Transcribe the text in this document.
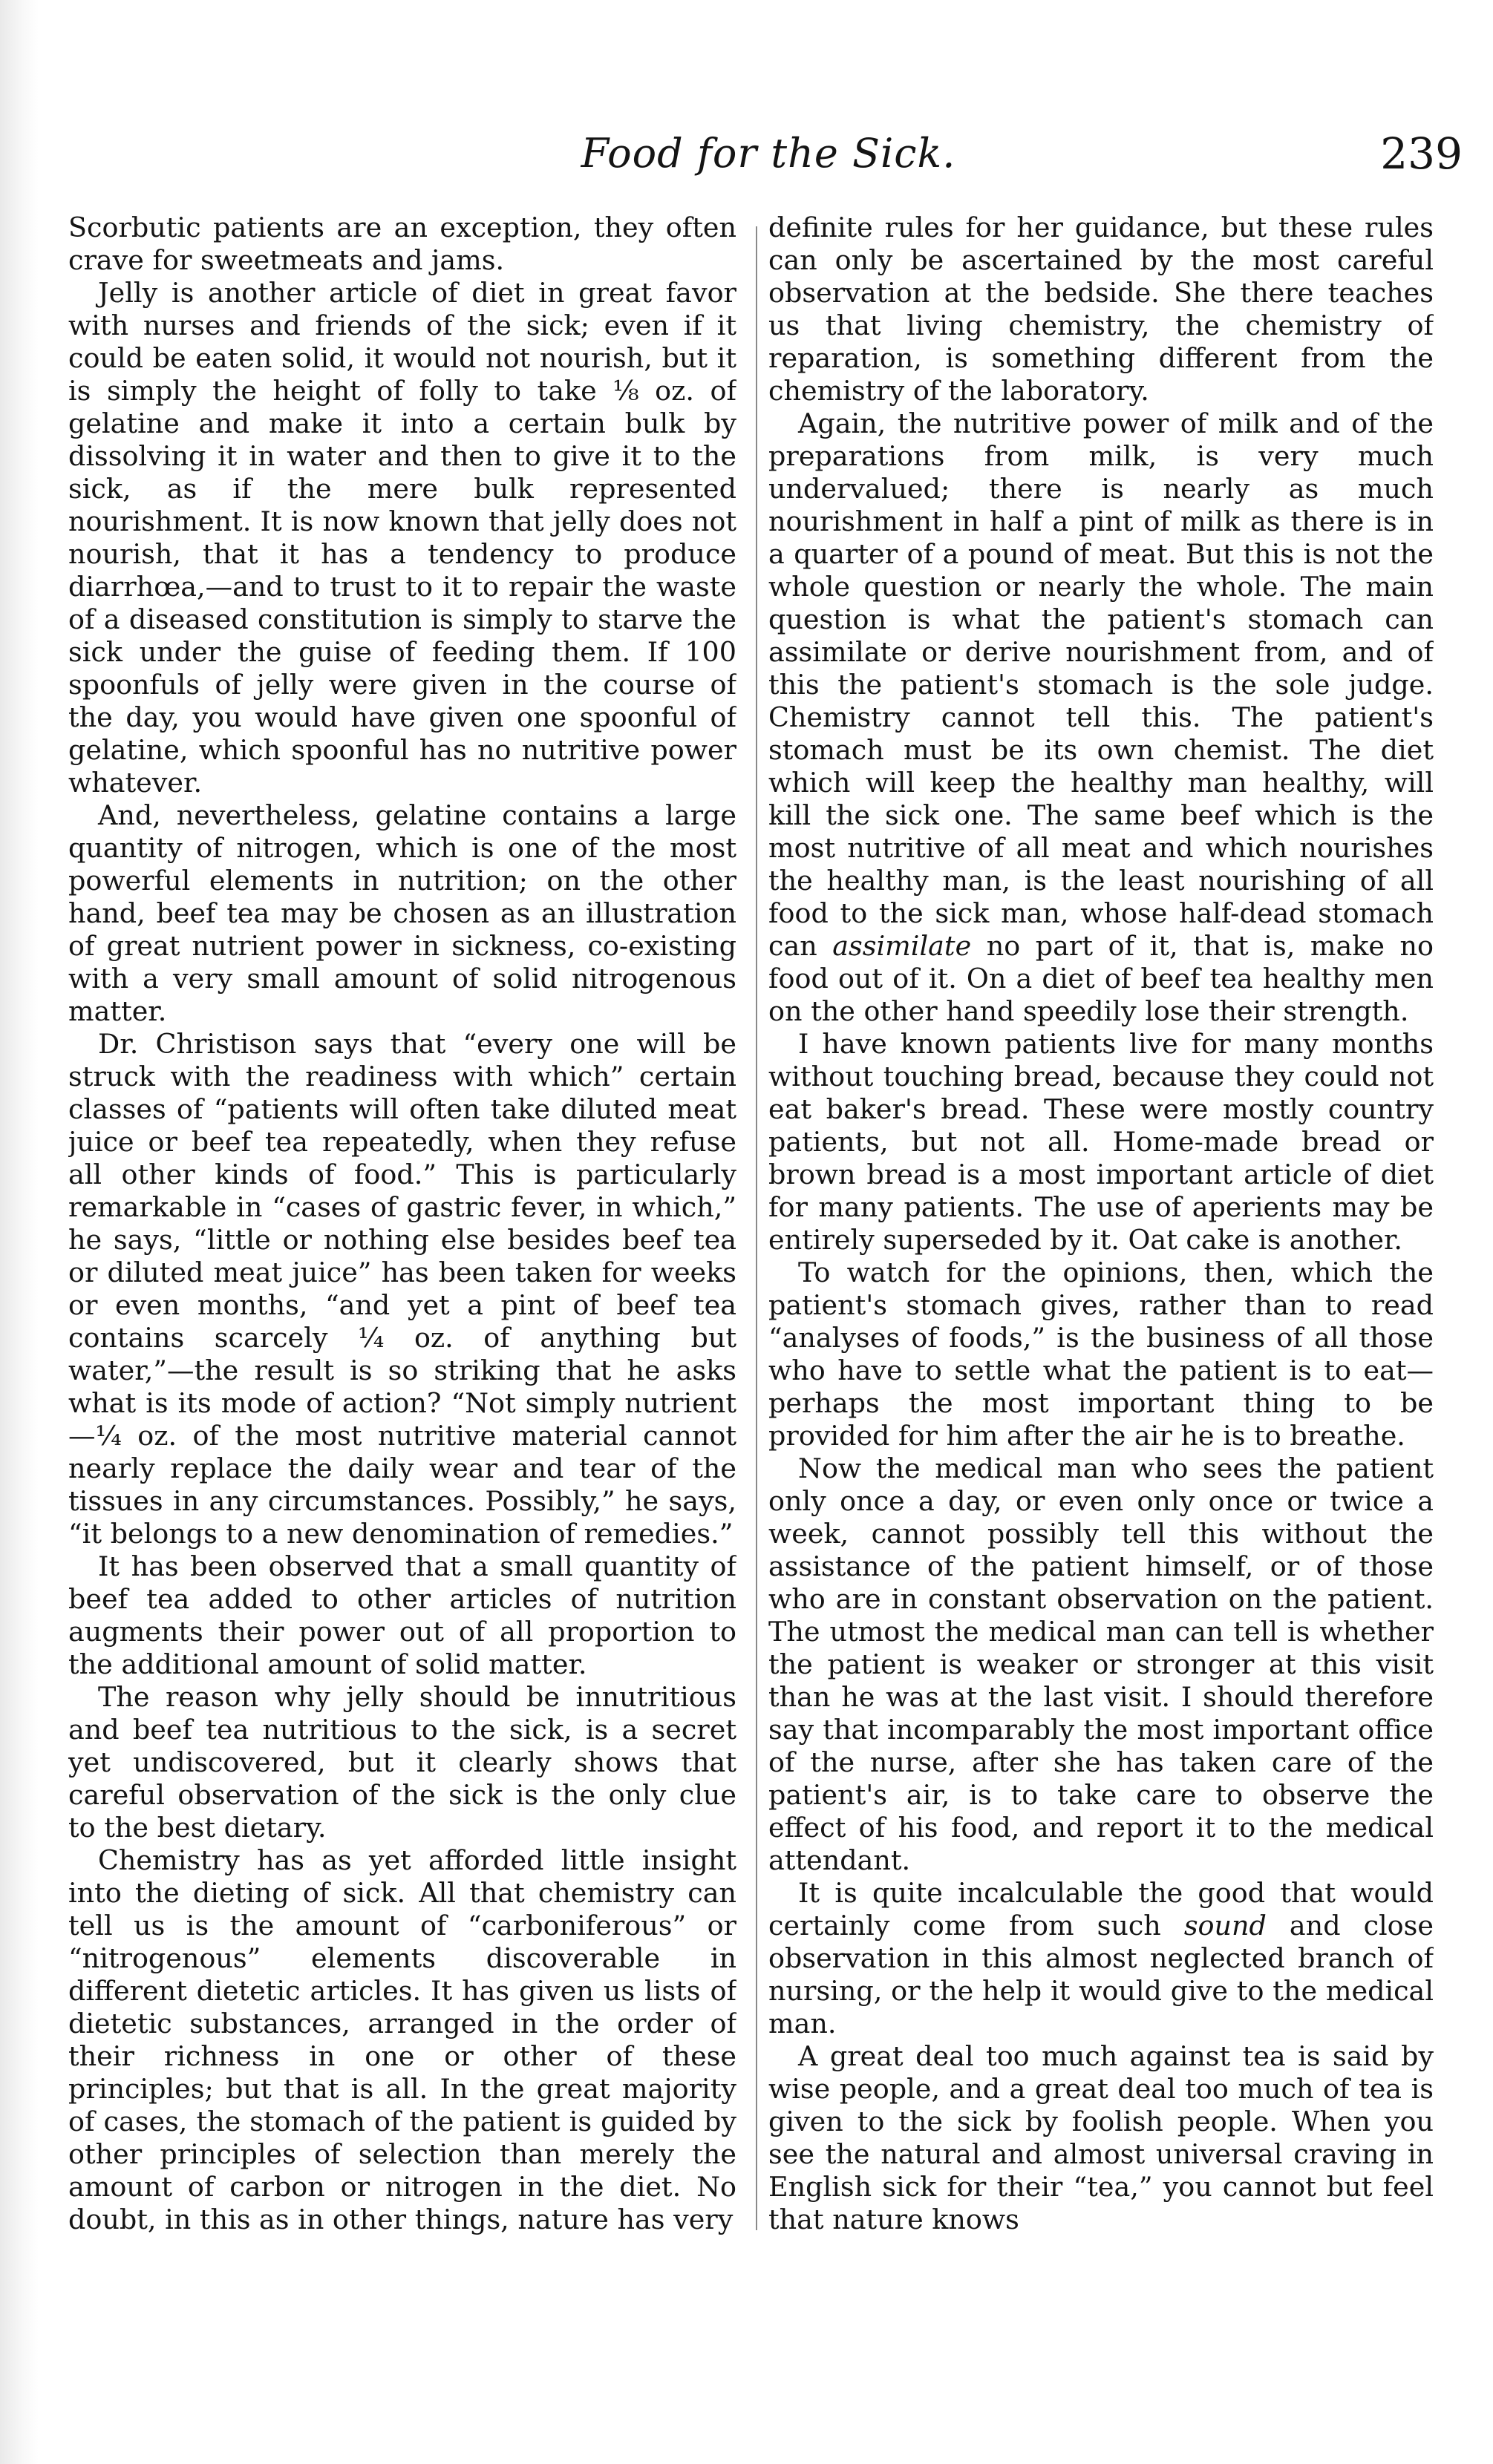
Food for the Sick.	239

Scorbutic patients are an exception, they often crave for sweetmeats and jams.

Jelly is another article of diet in great favor with nurses and friends of the sick; even if it could be eaten solid, it would not nourish, but it is simply the height of folly to take ⅛ oz. of gelatine and make it into a certain bulk by dissolving it in water and then to give it to the sick, as if the mere bulk represented nourishment. It is now known that jelly does not nourish, that it has a tendency to produce diarrhœa,—and to trust to it to repair the waste of a diseased constitution is simply to starve the sick under the guise of feeding them. If 100 spoonfuls of jelly were given in the course of the day, you would have given one spoonful of gelatine, which spoonful has no nutritive power whatever.

And, nevertheless, gelatine contains a large quantity of nitrogen, which is one of the most powerful elements in nutrition; on the other hand, beef tea may be chosen as an illustration of great nutrient power in sickness, co-existing with a very small amount of solid nitrogenous matter.

Dr. Christison says that “every one will be struck with the readiness with which” certain classes of “patients will often take diluted meat juice or beef tea repeatedly, when they refuse all other kinds of food.” This is particularly remarkable in “cases of gastric fever, in which,” he says, “little or nothing else besides beef tea or diluted meat juice” has been taken for weeks or even months, “and yet a pint of beef tea contains scarcely ¼ oz. of anything but water,”—the result is so striking that he asks what is its mode of action? “Not simply nutrient—¼ oz. of the most nutritive material cannot nearly replace the daily wear and tear of the tissues in any circumstances. Possibly,” he says, “it belongs to a new denomination of remedies.”

It has been observed that a small quantity of beef tea added to other articles of nutrition augments their power out of all proportion to the additional amount of solid matter.

The reason why jelly should be innutritious and beef tea nutritious to the sick, is a secret yet undiscovered, but it clearly shows that careful observation of the sick is the only clue to the best dietary.

Chemistry has as yet afforded little insight into the dieting of sick. All that chemistry can tell us is the amount of “carboniferous” or “nitrogenous” elements discoverable in different dietetic articles. It has given us lists of dietetic substances, arranged in the order of their richness in one or other of these principles; but that is all. In the great majority of cases, the stomach of the patient is guided by other principles of selection than merely the amount of carbon or nitrogen in the diet. No doubt, in this as in other things, nature has very

definite rules for her guidance, but these rules can only be ascertained by the most careful observation at the bedside. She there teaches us that living chemistry, the chemistry of reparation, is something different from the chemistry of the laboratory.

Again, the nutritive power of milk and of the preparations from milk, is very much undervalued; there is nearly as much nourishment in half a pint of milk as there is in a quarter of a pound of meat. But this is not the whole question or nearly the whole. The main question is what the patient's stomach can assimilate or derive nourishment from, and of this the patient's stomach is the sole judge. Chemistry cannot tell this. The patient's stomach must be its own chemist. The diet which will keep the healthy man healthy, will kill the sick one. The same beef which is the most nutritive of all meat and which nourishes the healthy man, is the least nourishing of all food to the sick man, whose half-dead stomach can assimilate no part of it, that is, make no food out of it. On a diet of beef tea healthy men on the other hand speedily lose their strength.

I have known patients live for many months without touching bread, because they could not eat baker's bread. These were mostly country patients, but not all. Home-made bread or brown bread is a most important article of diet for many patients. The use of aperients may be entirely superseded by it. Oat cake is another.

To watch for the opinions, then, which the patient's stomach gives, rather than to read “analyses of foods,” is the business of all those who have to settle what the patient is to eat—perhaps the most important thing to be provided for him after the air he is to breathe.

Now the medical man who sees the patient only once a day, or even only once or twice a week, cannot possibly tell this without the assistance of the patient himself, or of those who are in constant observation on the patient. The utmost the medical man can tell is whether the patient is weaker or stronger at this visit than he was at the last visit. I should therefore say that incomparably the most important office of the nurse, after she has taken care of the patient's air, is to take care to observe the effect of his food, and report it to the medical attendant.

It is quite incalculable the good that would certainly come from such sound and close observation in this almost neglected branch of nursing, or the help it would give to the medical man.

A great deal too much against tea is said by wise people, and a great deal too much of tea is given to the sick by foolish people. When you see the natural and almost universal craving in English sick for their “tea,” you cannot but feel that nature knows
